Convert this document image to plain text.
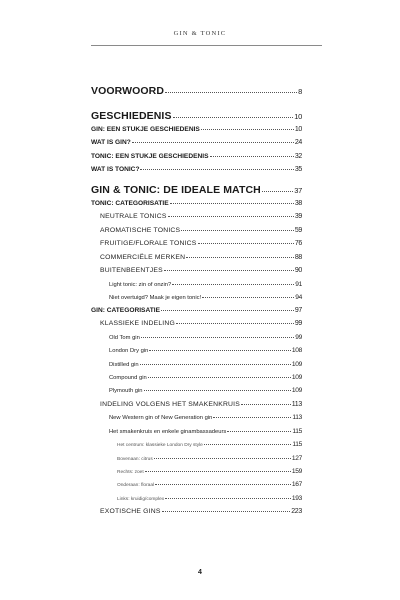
GIN & TONIC
VOORWOORD	8
GESCHIEDENIS	10
GIN: EEN STUKJE GESCHIEDENIS	10
WAT IS GIN?	24
TONIC: EEN STUKJE GESCHIEDENIS	32
WAT IS TONIC?	35
GIN & TONIC: DE IDEALE MATCH	37
TONIC: CATEGORISATIE	38
NEUTRALE TONICS	39
AROMATISCHE TONICS	59
FRUITIGE/FLORALE TONICS	76
COMMERCIËLE MERKEN	88
BUITENBEENTJES	90
Light tonic: zin of onzin?	91
Niet overtuigd? Maak je eigen tonic!	94
GIN: CATEGORISATIE	97
KLASSIEKE INDELING	99
Old Tom gin	99
London Dry gin	108
Distilled gin	109
Compound gin	109
Plymouth gin	109
INDELING VOLGENS HET SMAKENKRUIS	113
New Western gin of New Generation gin	113
Het smakenkruis en enkele ginambassadeurs	115
Het centrum: klassieke London Dry style	115
Bovenaan: citrus	127
Rechts: zoet	159
Onderaan: floraal	167
Links: kruidig/complex	193
EXOTISCHE GINS	223
4
